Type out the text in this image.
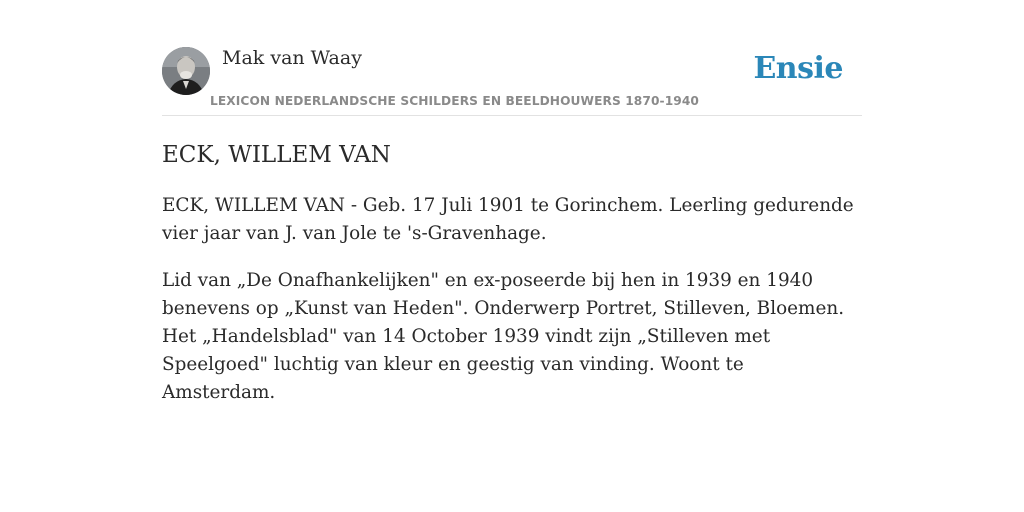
Mak van Waay
LEXICON NEDERLANDSCHE SCHILDERS EN BEELDHOUWERS 1870-1940
Ensie
ECK, WILLEM VAN

ECK, WILLEM VAN - Geb. 17 Juli 1901 te Gorinchem. Leerling gedurende vier jaar van J. van Jole te 's-Gravenhage.

Lid van „De Onafhankelijken" en ex-poseerde bij hen in 1939 en 1940 benevens op „Kunst van Heden". Onderwerp Portret, Stilleven, Bloemen. Het „Handelsblad" van 14 October 1939 vindt zijn „Stilleven met Speelgoed" luchtig van kleur en geestig van vinding. Woont te Amsterdam.
